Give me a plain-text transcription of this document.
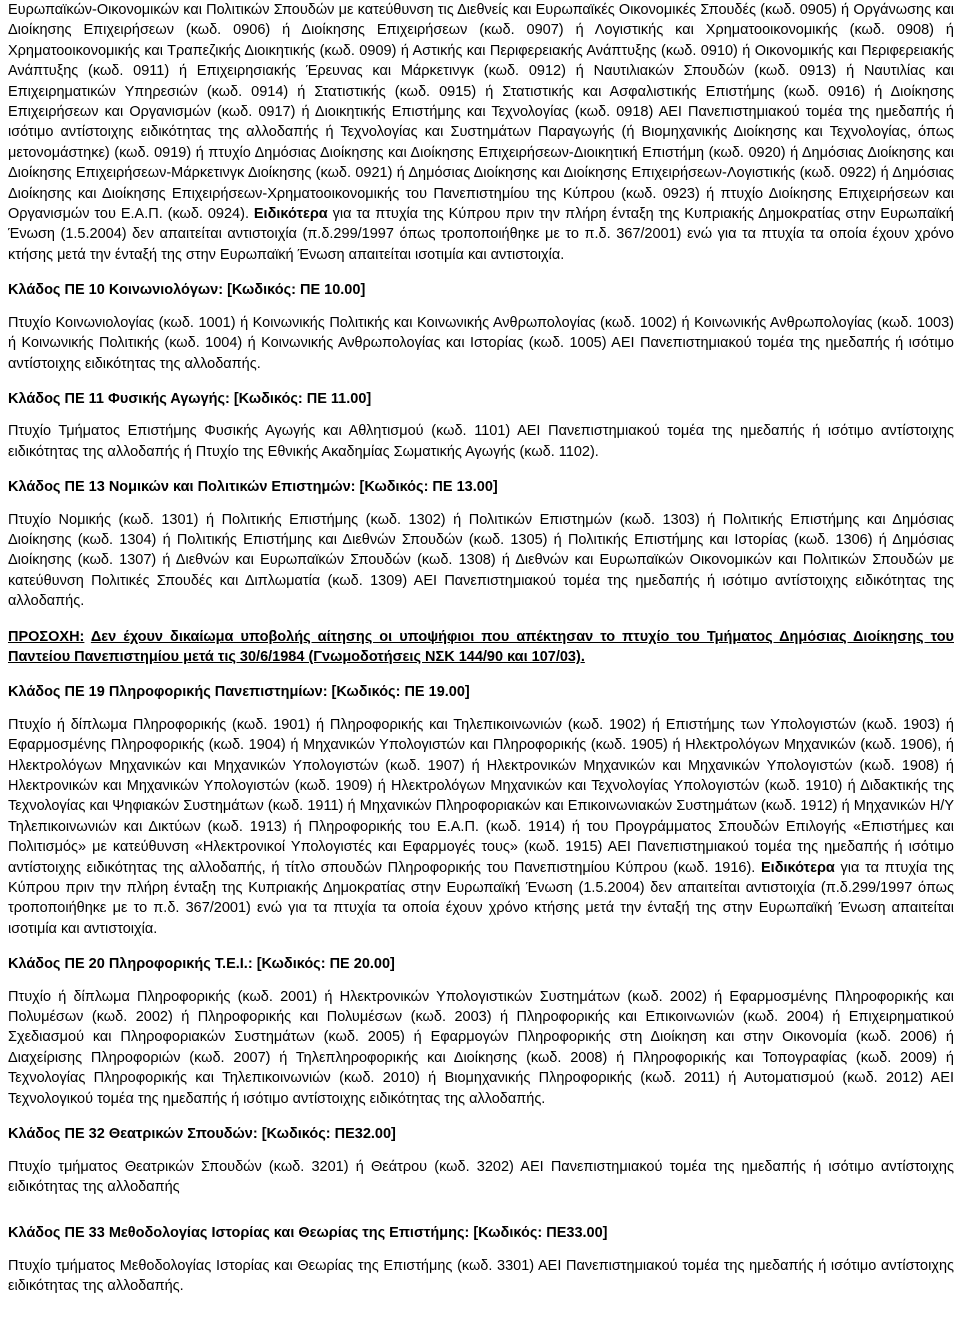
Ευρωπαϊκών-Οικονομικών και Πολιτικών Σπουδών με κατεύθυνση τις Διεθνείς και Ευρωπαϊκές Οικονομικές Σπουδές (κωδ. 0905) ή Οργάνωσης και Διοίκησης Επιχειρήσεων (κωδ. 0906) ή Διοίκησης Επιχειρήσεων (κωδ. 0907) ή Λογιστικής και Χρηματοοικονομικής (κωδ. 0908) ή Χρηματοοικονομικής και Τραπεζικής Διοικητικής (κωδ. 0909) ή Αστικής και Περιφερειακής Ανάπτυξης (κωδ. 0910) ή Οικονομικής και Περιφερειακής Ανάπτυξης (κωδ. 0911) ή Επιχειρησιακής Έρευνας και Μάρκετινγκ (κωδ. 0912) ή Ναυτιλιακών Σπουδών (κωδ. 0913) ή Ναυτιλίας και Επιχειρηματικών Υπηρεσιών (κωδ. 0914) ή Στατιστικής (κωδ. 0915) ή Στατιστικής και Ασφαλιστικής Επιστήμης (κωδ. 0916) ή Διοίκησης Επιχειρήσεων και Οργανισμών (κωδ. 0917) ή Διοικητικής Επιστήμης και Τεχνολογίας (κωδ. 0918) ΑΕΙ Πανεπιστημιακού τομέα της ημεδαπής ή ισότιμο αντίστοιχης ειδικότητας της αλλοδαπής ή Τεχνολογίας και Συστημάτων Παραγωγής (ή Βιομηχανικής Διοίκησης και Τεχνολογίας, όπως μετονομάστηκε) (κωδ. 0919) ή πτυχίο Δημόσιας Διοίκησης και Διοίκησης Επιχειρήσεων-Διοικητική Επιστήμη (κωδ. 0920) ή Δημόσιας Διοίκησης και Διοίκησης Επιχειρήσεων-Μάρκετινγκ Διοίκησης (κωδ. 0921) ή Δημόσιας Διοίκησης και Διοίκησης Επιχειρήσεων-Λογιστικής (κωδ. 0922) ή Δημόσιας Διοίκησης και Διοίκησης Επιχειρήσεων-Χρηματοοικονομικής του Πανεπιστημίου της Κύπρου (κωδ. 0923) ή πτυχίο Διοίκησης Επιχειρήσεων και Οργανισμών του Ε.Α.Π. (κωδ. 0924). Ειδικότερα για τα πτυχία της Κύπρου πριν την πλήρη ένταξη της Κυπριακής Δημοκρατίας στην Ευρωπαϊκή Ένωση (1.5.2004) δεν απαιτείται αντιστοιχία (π.δ.299/1997 όπως τροποποιήθηκε με το π.δ. 367/2001) ενώ για τα πτυχία τα οποία έχουν χρόνο κτήσης μετά την ένταξή της στην Ευρωπαϊκή Ένωση απαιτείται ισοτιμία και αντιστοιχία.

Κλάδος ΠΕ 10 Κοινωνιολόγων: [Κωδικός: ΠΕ 10.00]

Πτυχίο Κοινωνιολογίας (κωδ. 1001) ή Κοινωνικής Πολιτικής και Κοινωνικής Ανθρωπολογίας (κωδ. 1002) ή Κοινωνικής Ανθρωπολογίας (κωδ. 1003) ή Κοινωνικής Πολιτικής (κωδ. 1004) ή Κοινωνικής Ανθρωπολογίας και Ιστορίας (κωδ. 1005) ΑΕΙ Πανεπιστημιακού τομέα της ημεδαπής ή ισότιμο αντίστοιχης ειδικότητας της αλλοδαπής.

Κλάδος ΠΕ 11 Φυσικής Αγωγής: [Κωδικός: ΠΕ 11.00]

Πτυχίο Τμήματος Επιστήμης Φυσικής Αγωγής και Αθλητισμού (κωδ. 1101) ΑΕΙ Πανεπιστημιακού τομέα της ημεδαπής ή ισότιμο αντίστοιχης ειδικότητας της αλλοδαπής ή Πτυχίο της Εθνικής Ακαδημίας Σωματικής Αγωγής (κωδ. 1102).

Κλάδος ΠΕ 13 Νομικών και Πολιτικών Επιστημών: [Κωδικός: ΠΕ 13.00]

Πτυχίο Νομικής (κωδ. 1301) ή Πολιτικής Επιστήμης (κωδ. 1302) ή Πολιτικών Επιστημών (κωδ. 1303) ή Πολιτικής Επιστήμης και Δημόσιας Διοίκησης (κωδ. 1304) ή Πολιτικής Επιστήμης και Διεθνών Σπουδών (κωδ. 1305) ή Πολιτικής Επιστήμης και Ιστορίας (κωδ. 1306) ή Δημόσιας Διοίκησης (κωδ. 1307) ή Διεθνών και Ευρωπαϊκών Σπουδών (κωδ. 1308) ή Διεθνών και Ευρωπαϊκών Οικονομικών και Πολιτικών Σπουδών με κατεύθυνση Πολιτικές Σπουδές και Διπλωματία (κωδ. 1309) ΑΕΙ Πανεπιστημιακού τομέα της ημεδαπής ή ισότιμο αντίστοιχης ειδικότητας της αλλοδαπής.

ΠΡΟΣΟΧΗ: Δεν έχουν δικαίωμα υποβολής αίτησης οι υποψήφιοι που απέκτησαν το πτυχίο του Τμήματος Δημόσιας Διοίκησης του Παντείου Πανεπιστημίου μετά τις 30/6/1984 (Γνωμοδοτήσεις ΝΣΚ 144/90 και 107/03).

Κλάδος ΠΕ 19 Πληροφορικής Πανεπιστημίων: [Κωδικός: ΠΕ 19.00]

Πτυχίο ή δίπλωμα Πληροφορικής (κωδ. 1901) ή Πληροφορικής και Τηλεπικοινωνιών (κωδ. 1902) ή Επιστήμης των Υπολογιστών (κωδ. 1903) ή Εφαρμοσμένης Πληροφορικής (κωδ. 1904) ή Μηχανικών Υπολογιστών και Πληροφορικής (κωδ. 1905) ή Ηλεκτρολόγων Μηχανικών (κωδ. 1906), ή Ηλεκτρολόγων Μηχανικών και Μηχανικών Υπολογιστών (κωδ. 1907) ή Ηλεκτρονικών Μηχανικών και Μηχανικών Υπολογιστών (κωδ. 1908) ή Ηλεκτρονικών και Μηχανικών Υπολογιστών (κωδ. 1909) ή Ηλεκτρολόγων Μηχανικών και Τεχνολογίας Υπολογιστών (κωδ. 1910) ή Διδακτικής της Τεχνολογίας και Ψηφιακών Συστημάτων (κωδ. 1911) ή Μηχανικών Πληροφοριακών και Επικοινωνιακών Συστημάτων (κωδ. 1912) ή Μηχανικών Η/Υ Τηλεπικοινωνιών και Δικτύων (κωδ. 1913) ή Πληροφορικής του Ε.Α.Π. (κωδ. 1914) ή του Προγράμματος Σπουδών Επιλογής «Επιστήμες και Πολιτισμός» με κατεύθυνση «Ηλεκτρονικοί Υπολογιστές και Εφαρμογές τους» (κωδ. 1915) ΑΕΙ Πανεπιστημιακού τομέα της ημεδαπής ή ισότιμο αντίστοιχης ειδικότητας της αλλοδαπής, ή τίτλο σπουδών Πληροφορικής του Πανεπιστημίου Κύπρου (κωδ. 1916). Ειδικότερα για τα πτυχία της Κύπρου πριν την πλήρη ένταξη της Κυπριακής Δημοκρατίας στην Ευρωπαϊκή Ένωση (1.5.2004) δεν απαιτείται αντιστοιχία (π.δ.299/1997 όπως τροποποιήθηκε με το π.δ. 367/2001) ενώ για τα πτυχία τα οποία έχουν χρόνο κτήσης μετά την ένταξή της στην Ευρωπαϊκή Ένωση απαιτείται ισοτιμία και αντιστοιχία.

Κλάδος ΠΕ 20 Πληροφορικής Τ.Ε.Ι.: [Κωδικός: ΠΕ 20.00]

Πτυχίο ή δίπλωμα Πληροφορικής (κωδ. 2001) ή Ηλεκτρονικών Υπολογιστικών Συστημάτων (κωδ. 2002) ή Εφαρμοσμένης Πληροφορικής και Πολυμέσων (κωδ. 2002) ή Πληροφορικής και Πολυμέσων (κωδ. 2003) ή Πληροφορικής και Επικοινωνιών (κωδ. 2004) ή Επιχειρηματικού Σχεδιασμού και Πληροφοριακών Συστημάτων (κωδ. 2005) ή Εφαρμογών Πληροφορικής στη Διοίκηση και στην Οικονομία (κωδ. 2006) ή Διαχείρισης Πληροφοριών (κωδ. 2007) ή Τηλεπληροφορικής και Διοίκησης (κωδ. 2008) ή Πληροφορικής και Τοπογραφίας (κωδ. 2009) ή Τεχνολογίας Πληροφορικής και Τηλεπικοινωνιών (κωδ. 2010) ή Βιομηχανικής Πληροφορικής (κωδ. 2011) ή Αυτοματισμού (κωδ. 2012) ΑΕΙ Τεχνολογικού τομέα της ημεδαπής ή ισότιμο αντίστοιχης ειδικότητας της αλλοδαπής.

Κλάδος ΠΕ 32 Θεατρικών Σπουδών: [Κωδικός: ΠΕ32.00]

Πτυχίο τμήματος Θεατρικών Σπουδών (κωδ. 3201) ή Θεάτρου (κωδ. 3202) ΑΕΙ Πανεπιστημιακού τομέα της ημεδαπής ή ισότιμο αντίστοιχης ειδικότητας της αλλοδαπής

Κλάδος ΠΕ 33 Μεθοδολογίας Ιστορίας και Θεωρίας της Επιστήμης: [Κωδικός: ΠΕ33.00]

Πτυχίο τμήματος Μεθοδολογίας Ιστορίας και Θεωρίας της Επιστήμης (κωδ. 3301) ΑΕΙ Πανεπιστημιακού τομέα της ημεδαπής ή ισότιμο αντίστοιχης ειδικότητας της αλλοδαπής.
